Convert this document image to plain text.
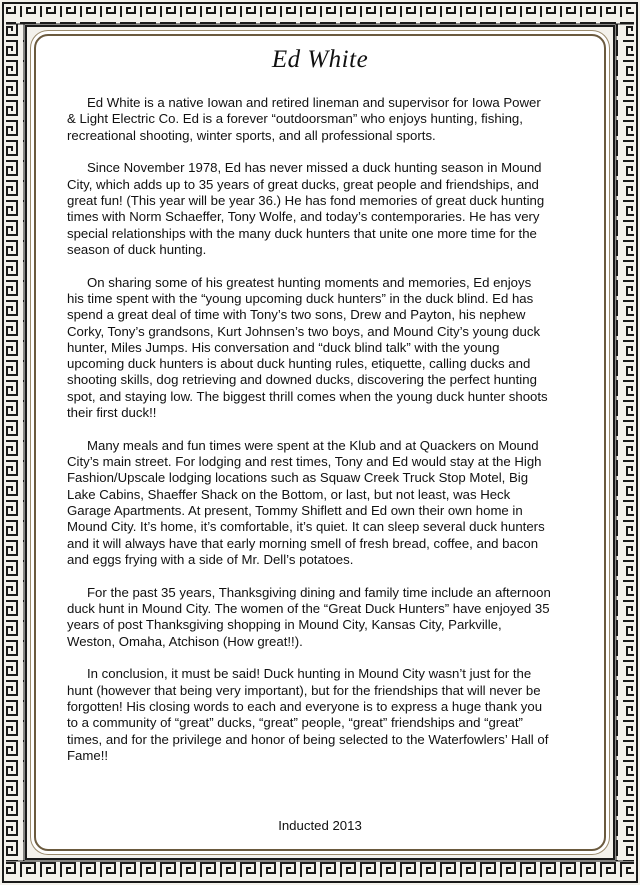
Ed White

Ed White is a native Iowan and retired lineman and supervisor for Iowa Power & Light Electric Co. Ed is a forever “outdoorsman” who enjoys hunting, fishing, recreational shooting, winter sports, and all professional sports.

Since November 1978, Ed has never missed a duck hunting season in Mound City, which adds up to 35 years of great ducks, great people and friendships, and great fun! (This year will be year 36.) He has fond memories of great duck hunting times with Norm Schaeffer, Tony Wolfe, and today’s contemporaries. He has very special relationships with the many duck hunters that unite one more time for the season of duck hunting.

On sharing some of his greatest hunting moments and memories, Ed enjoys his time spent with the “young upcoming duck hunters” in the duck blind. Ed has spend a great deal of time with Tony’s two sons, Drew and Payton, his nephew Corky, Tony’s grandsons, Kurt Johnsen’s two boys, and Mound City’s young duck hunter, Miles Jumps. His conversation and “duck blind talk” with the young upcoming duck hunters is about duck hunting rules, etiquette, calling ducks and shooting skills, dog retrieving and downed ducks, discovering the perfect hunting spot, and staying low. The biggest thrill comes when the young duck hunter shoots their first duck!!

Many meals and fun times were spent at the Klub and at Quackers on Mound City’s main street. For lodging and rest times, Tony and Ed would stay at the High Fashion/Upscale lodging locations such as Squaw Creek Truck Stop Motel, Big Lake Cabins, Shaeffer Shack on the Bottom, or last, but not least, was Heck Garage Apartments. At present, Tommy Shiflett and Ed own their own home in Mound City. It’s home, it’s comfortable, it’s quiet. It can sleep several duck hunters and it will always have that early morning smell of fresh bread, coffee, and bacon and eggs frying with a side of Mr. Dell’s potatoes.

For the past 35 years, Thanksgiving dining and family time include an afternoon duck hunt in Mound City. The women of the “Great Duck Hunters” have enjoyed 35 years of post Thanksgiving shopping in Mound City, Kansas City, Parkville, Weston, Omaha, Atchison (How great!!).

In conclusion, it must be said! Duck hunting in Mound City wasn’t just for the hunt (however that being very important), but for the friendships that will never be forgotten! His closing words to each and everyone is to express a huge thank you to a community of “great” ducks, “great” people, “great” friendships and “great” times, and for the privilege and honor of being selected to the Waterfowlers’ Hall of Fame!!

Inducted 2013
